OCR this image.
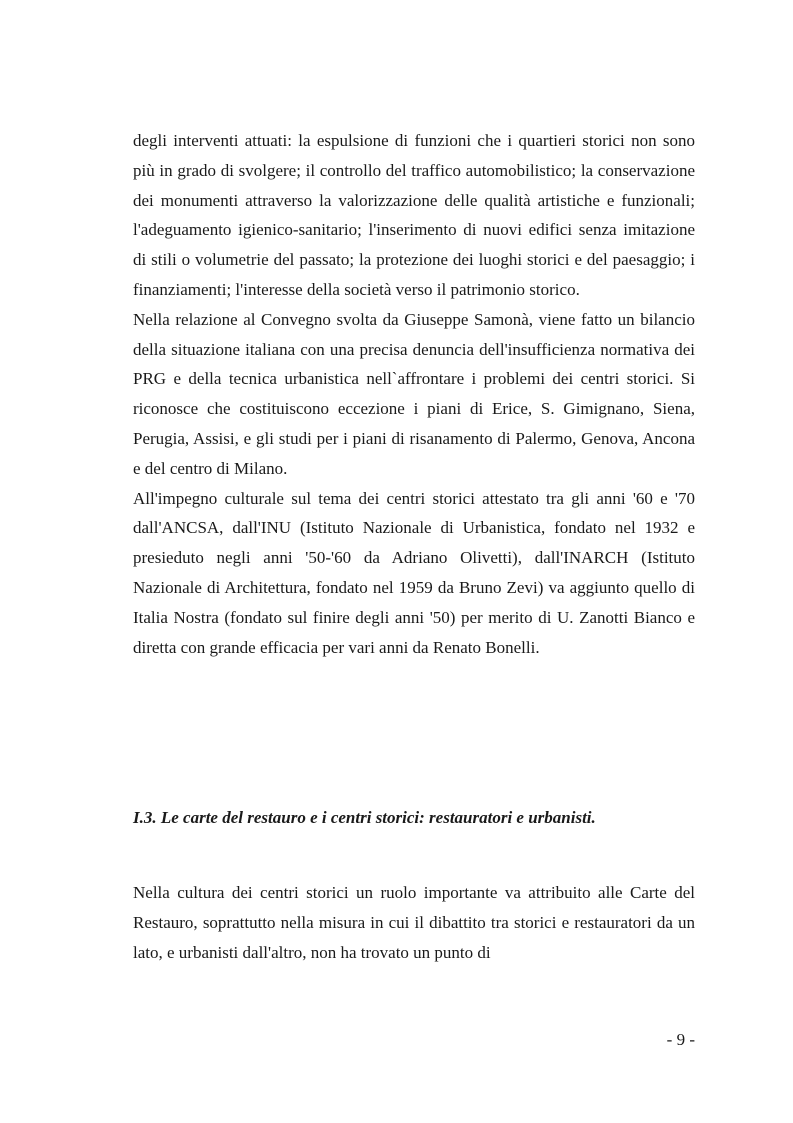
degli interventi attuati: la espulsione di funzioni che i quartieri storici non sono più in grado di svolgere; il controllo del traffico automobilistico; la conservazione dei monumenti attraverso la valorizzazione delle qualità artistiche e funzionali; l'adeguamento igienico-sanitario; l'inserimento di nuovi edifici senza imitazione di stili o volumetrie del passato; la protezione dei luoghi storici e del paesaggio; i finanziamenti; l'interesse della società verso il patrimonio storico.

Nella relazione al Convegno svolta da Giuseppe Samonà, viene fatto un bilancio della situazione italiana con una precisa denuncia dell'insufficienza normativa dei PRG e della tecnica urbanistica nell`affrontare i problemi dei centri storici. Si riconosce che costituiscono eccezione i piani di Erice, S. Gimignano, Siena, Perugia, Assisi, e gli studi per i piani di risanamento di Palermo, Genova, Ancona e del centro di Milano.

All'impegno culturale sul tema dei centri storici attestato tra gli anni '60 e '70 dall'ANCSA, dall'INU (Istituto Nazionale di Urbanistica, fondato nel 1932 e presieduto negli anni '50-'60 da Adriano Olivetti), dall'INARCH (Istituto Nazionale di Architettura, fondato nel 1959 da Bruno Zevi) va aggiunto quello di Italia Nostra (fondato sul finire degli anni '50) per merito di U. Zanotti Bianco e diretta con grande efficacia per vari anni da Renato Bonelli.

I.3. Le carte del restauro e i centri storici: restauratori e urbanisti.

Nella cultura dei centri storici un ruolo importante va attribuito alle Carte del Restauro, soprattutto nella misura in cui il dibattito tra storici e restauratori da un lato, e urbanisti dall'altro, non ha trovato un punto di

- 9 -
